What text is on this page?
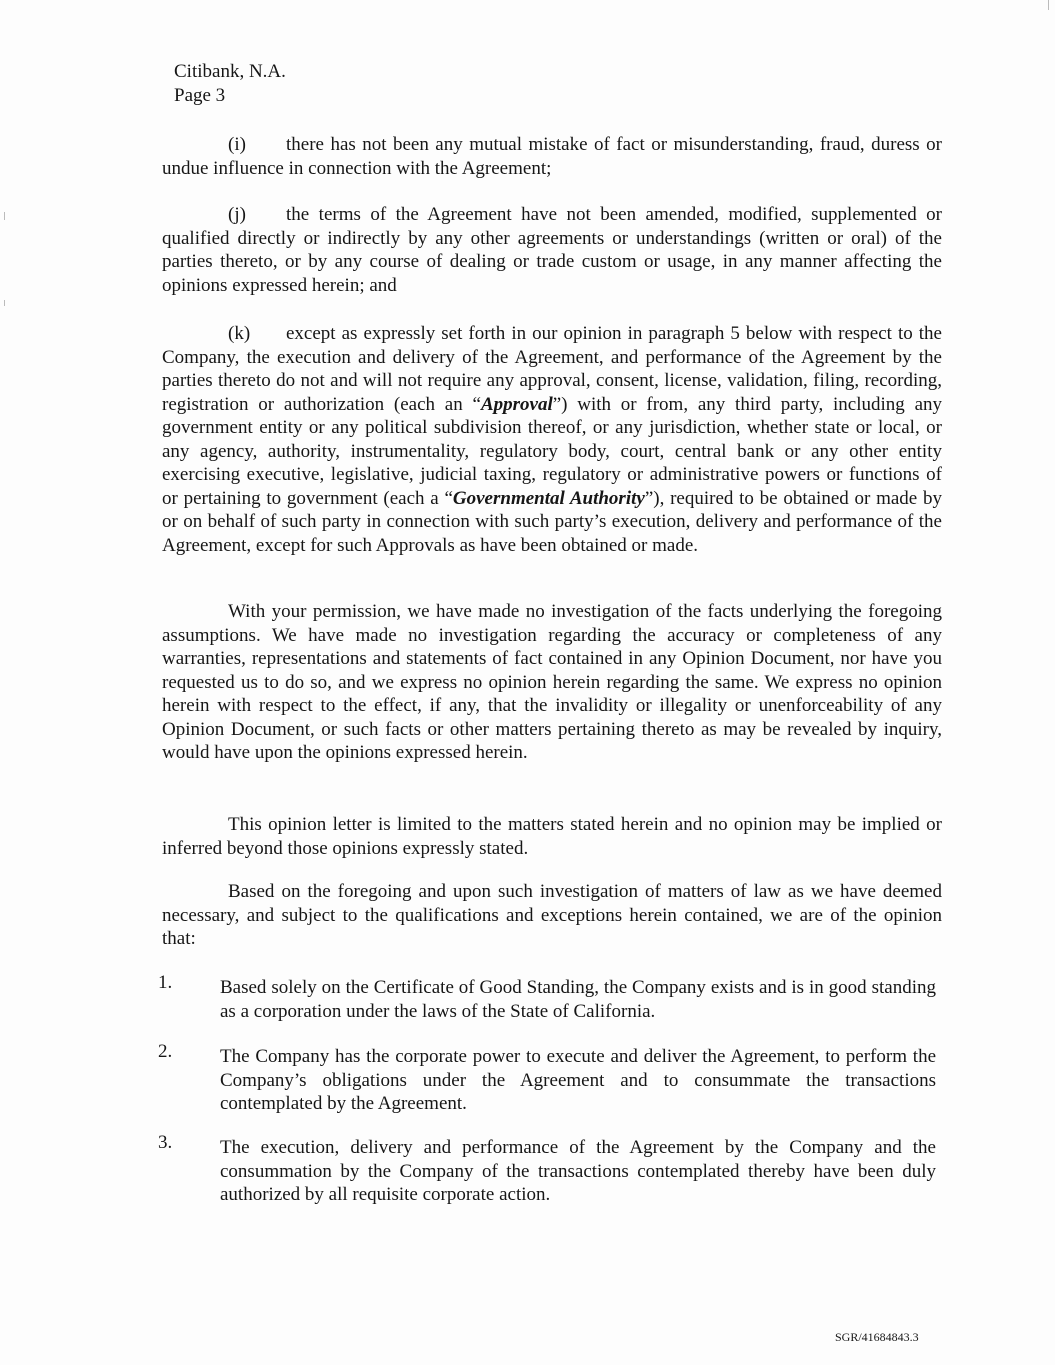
Citibank, N.A.
Page 3
(i) there has not been any mutual mistake of fact or misunderstanding, fraud, duress or undue influence in connection with the Agreement;
(j) the terms of the Agreement have not been amended, modified, supplemented or qualified directly or indirectly by any other agreements or understandings (written or oral) of the parties thereto, or by any course of dealing or trade custom or usage, in any manner affecting the opinions expressed herein; and
(k) except as expressly set forth in our opinion in paragraph 5 below with respect to the Company, the execution and delivery of the Agreement, and performance of the Agreement by the parties thereto do not and will not require any approval, consent, license, validation, filing, recording, registration or authorization (each an “Approval”) with or from, any third party, including any government entity or any political subdivision thereof, or any jurisdiction, whether state or local, or any agency, authority, instrumentality, regulatory body, court, central bank or any other entity exercising executive, legislative, judicial taxing, regulatory or administrative powers or functions of or pertaining to government (each a “Governmental Authority”), required to be obtained or made by or on behalf of such party in connection with such party’s execution, delivery and performance of the Agreement, except for such Approvals as have been obtained or made.
With your permission, we have made no investigation of the facts underlying the foregoing assumptions. We have made no investigation regarding the accuracy or completeness of any warranties, representations and statements of fact contained in any Opinion Document, nor have you requested us to do so, and we express no opinion herein regarding the same. We express no opinion herein with respect to the effect, if any, that the invalidity or illegality or unenforceability of any Opinion Document, or such facts or other matters pertaining thereto as may be revealed by inquiry, would have upon the opinions expressed herein.
This opinion letter is limited to the matters stated herein and no opinion may be implied or inferred beyond those opinions expressly stated.
Based on the foregoing and upon such investigation of matters of law as we have deemed necessary, and subject to the qualifications and exceptions herein contained, we are of the opinion that:
1.	Based solely on the Certificate of Good Standing, the Company exists and is in good standing as a corporation under the laws of the State of California.
2.	The Company has the corporate power to execute and deliver the Agreement, to perform the Company’s obligations under the Agreement and to consummate the transactions contemplated by the Agreement.
3.	The execution, delivery and performance of the Agreement by the Company and the consummation by the Company of the transactions contemplated thereby have been duly authorized by all requisite corporate action.
SGR/41684843.3
